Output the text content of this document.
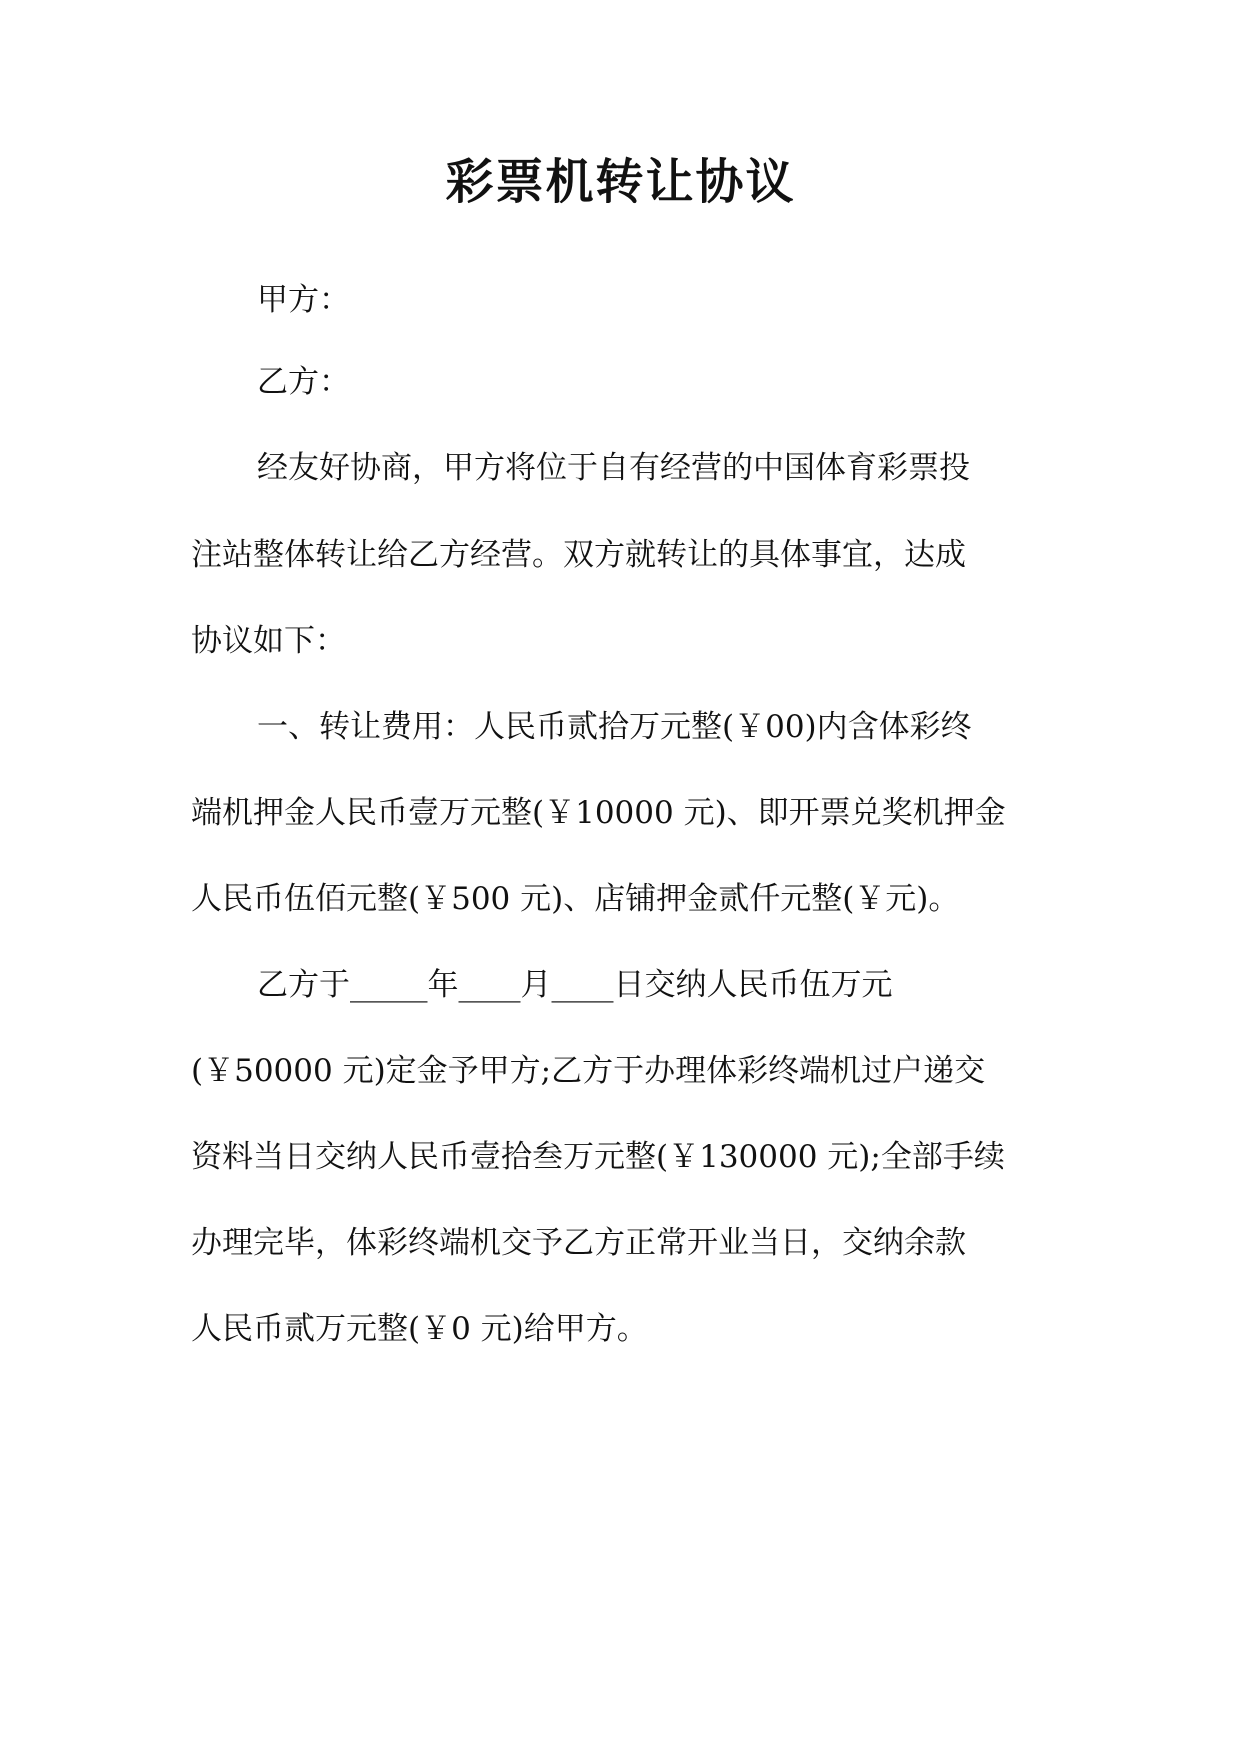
彩票机转让协议

甲方：

乙方：

经友好协商，甲方将位于自有经营的中国体育彩票投

注站整体转让给乙方经营。双方就转让的具体事宜，达成

协议如下：

一、转让费用：人民币贰拾万元整(￥00)内含体彩终

端机押金人民币壹万元整(￥10000 元)、即开票兑奖机押金

人民币伍佰元整(￥500 元)、店铺押金贰仟元整(￥元)。

乙方于_____年____月____日交纳人民币伍万元

(￥50000 元)定金予甲方;乙方于办理体彩终端机过户递交

资料当日交纳人民币壹拾叁万元整(￥130000 元);全部手续

办理完毕，体彩终端机交予乙方正常开业当日，交纳余款

人民币贰万元整(￥0 元)给甲方。
